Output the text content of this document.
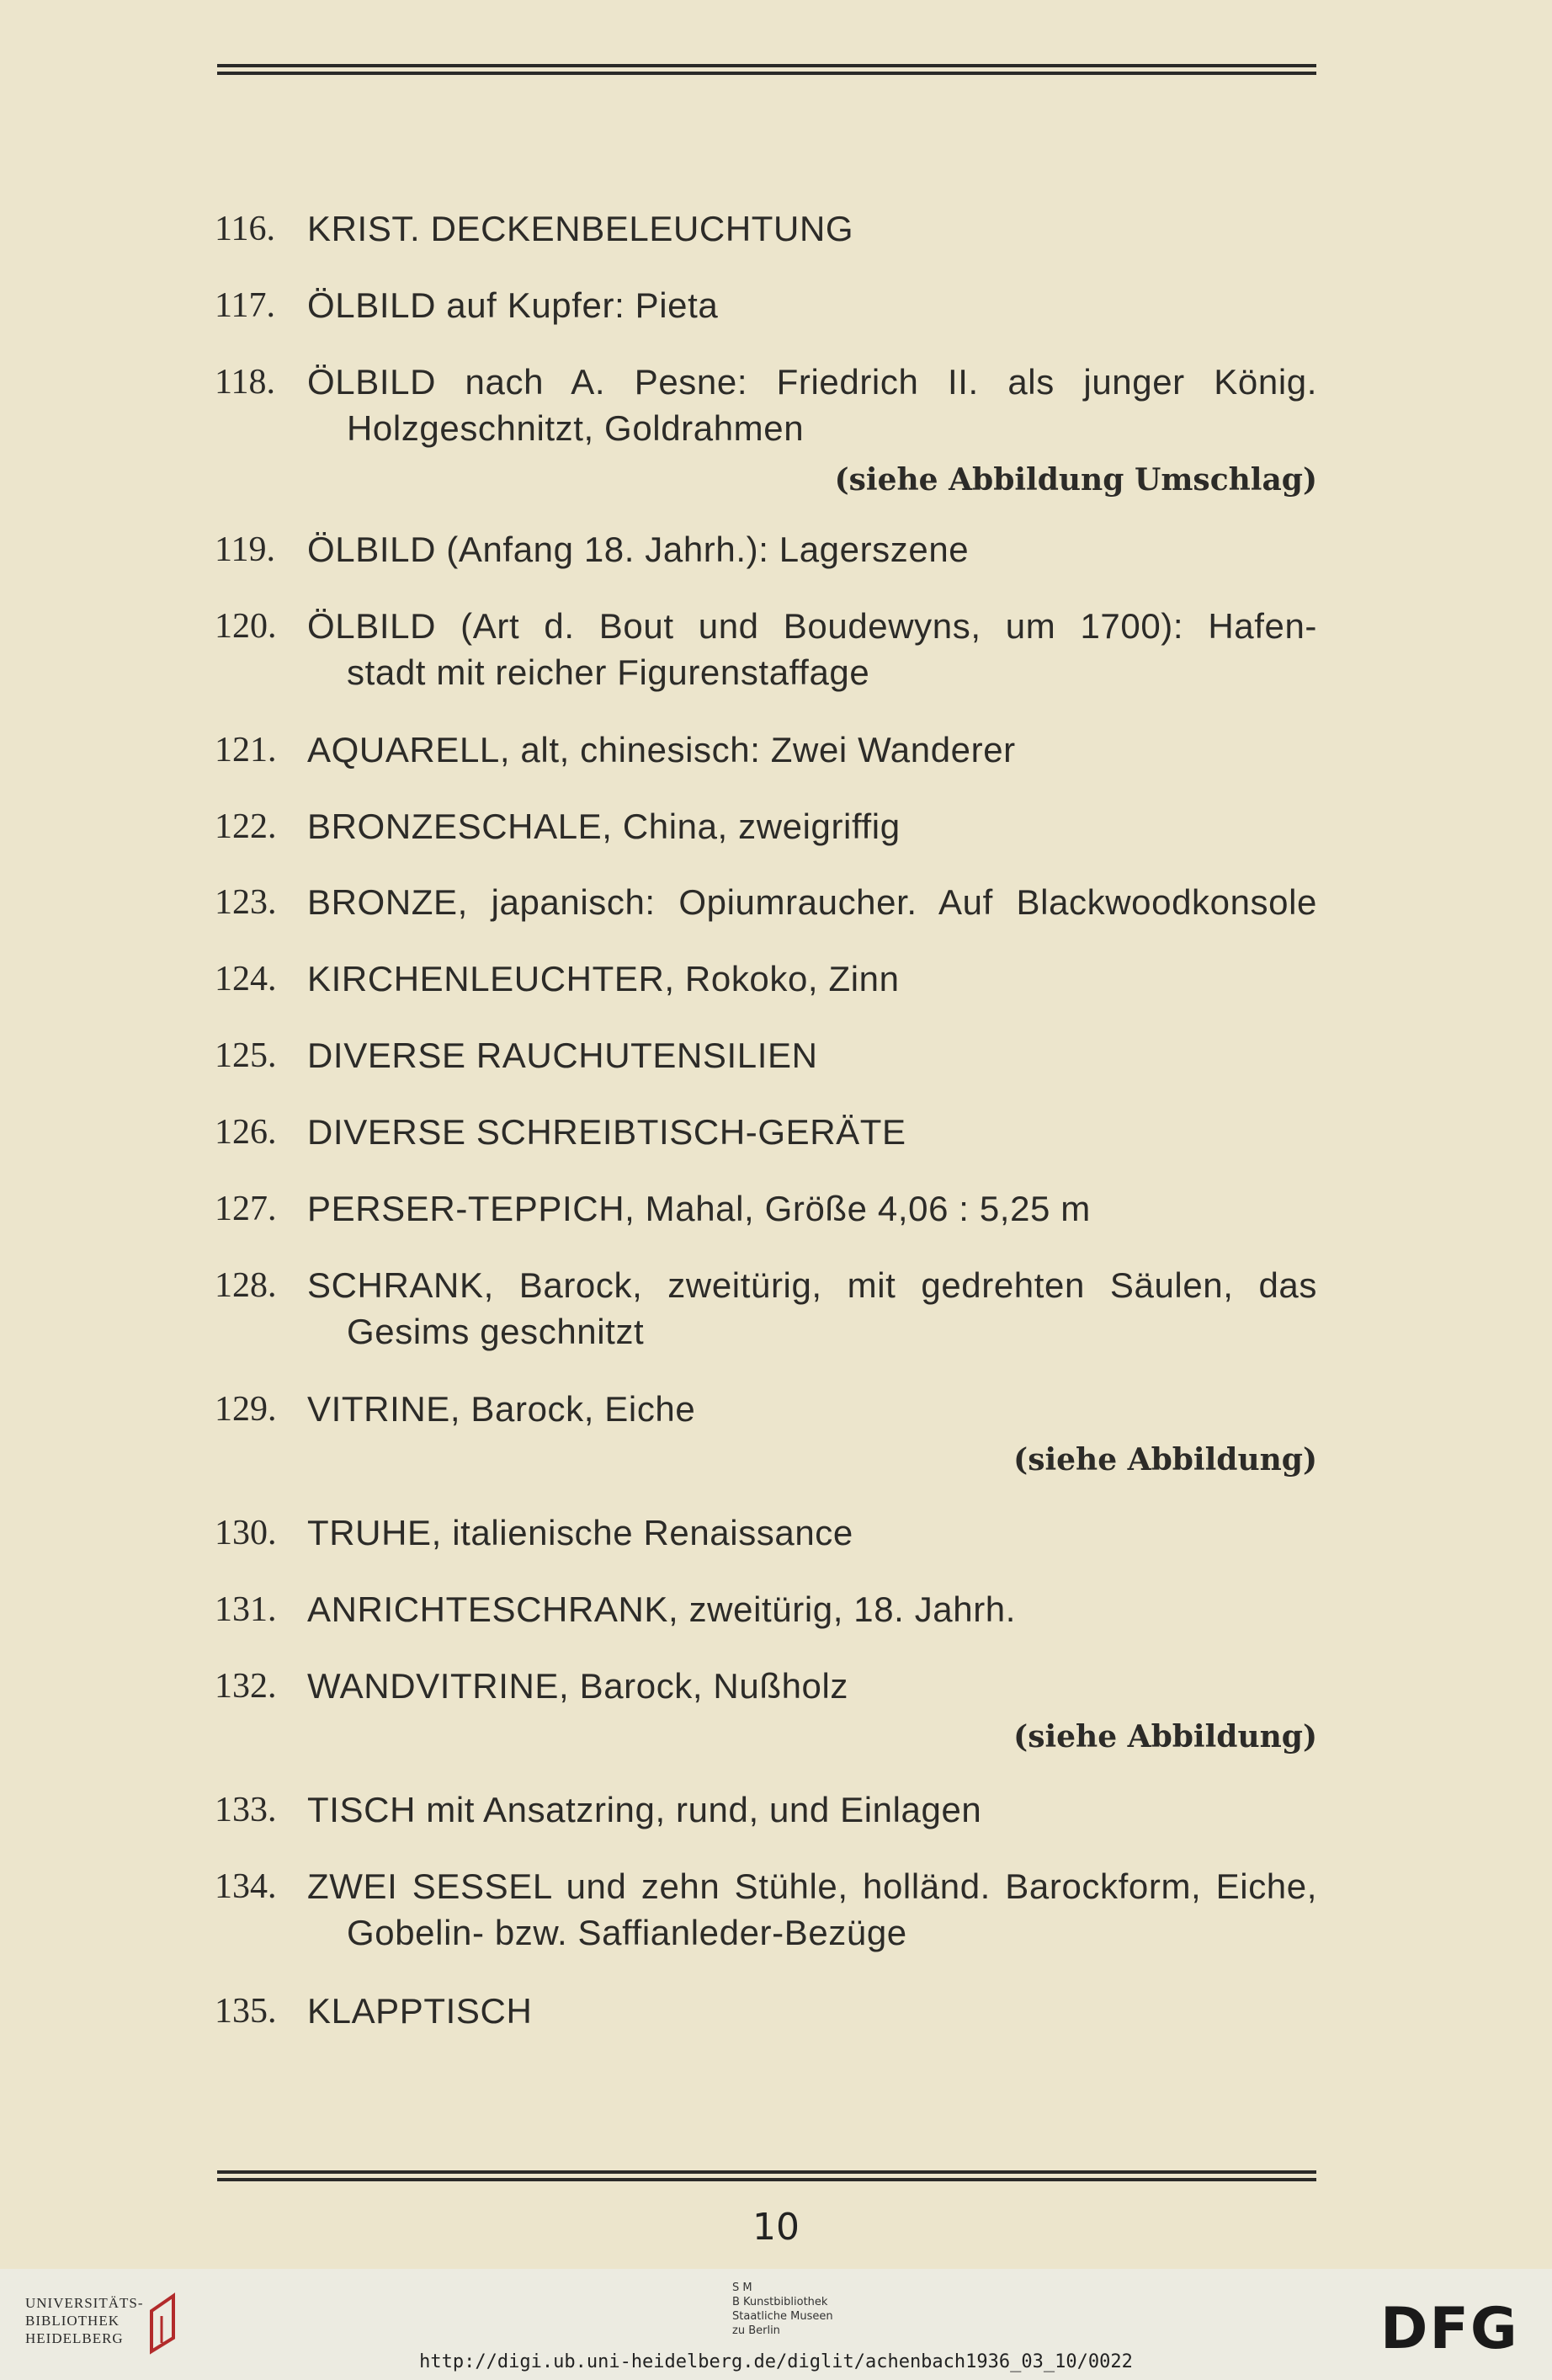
116. KRIST. DECKENBELEUCHTUNG
117. ÖLBILD auf Kupfer: Pieta
118. ÖLBILD nach A. Pesne: Friedrich II. als junger König.
Holzgeschnitzt, Goldrahmen
(siehe Abbildung Umschlag)
119. ÖLBILD (Anfang 18. Jahrh.): Lagerszene
120. ÖLBILD (Art d. Bout und Boudewyns, um 1700): Hafen-
stadt mit reicher Figurenstaffage
121. AQUARELL, alt, chinesisch: Zwei Wanderer
122. BRONZESCHALE, China, zweigriffig
123. BRONZE, japanisch: Opiumraucher. Auf Blackwoodkonsole
124. KIRCHENLEUCHTER, Rokoko, Zinn
125. DIVERSE RAUCHUTENSILIEN
126. DIVERSE SCHREIBTISCH-GERÄTE
127. PERSER-TEPPICH, Mahal, Größe 4,06 : 5,25 m
128. SCHRANK, Barock, zweitürig, mit gedrehten Säulen, das
Gesims geschnitzt
129. VITRINE, Barock, Eiche
(siehe Abbildung)
130. TRUHE, italienische Renaissance
131. ANRICHTESCHRANK, zweitürig, 18. Jahrh.
132. WANDVITRINE, Barock, Nußholz
(siehe Abbildung)
133. TISCH mit Ansatzring, rund, und Einlagen
134. ZWEI SESSEL und zehn Stühle, holländ. Barockform, Eiche,
Gobelin- bzw. Saffianleder-Bezüge
135. KLAPPTISCH
10
UNIVERSITÄTS-
BIBLIOTHEK
HEIDELBERG
S M
B Kunstbibliothek
Staatliche Museen
zu Berlin	DFG
http://digi.ub.uni-heidelberg.de/diglit/achenbach1936_03_10/0022
